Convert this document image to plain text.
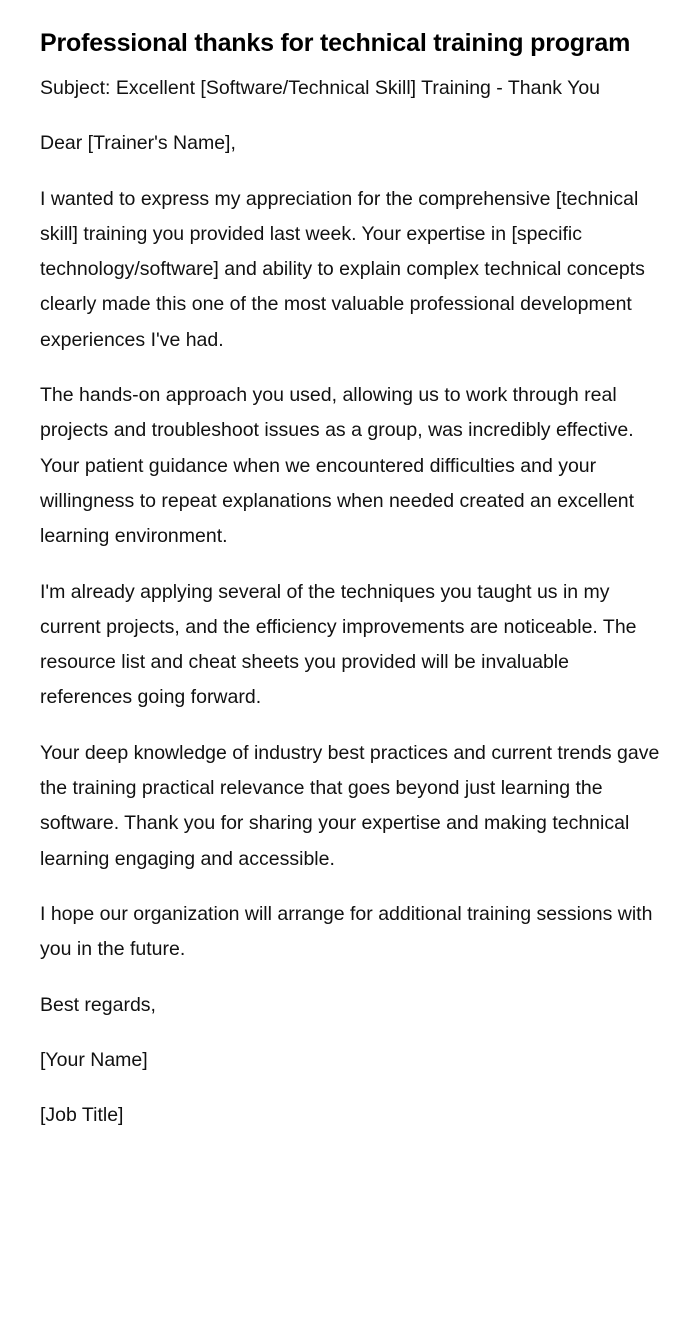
Professional thanks for technical training program

Subject: Excellent [Software/Technical Skill] Training - Thank You

Dear [Trainer's Name],

I wanted to express my appreciation for the comprehensive [technical skill] training you provided last week. Your expertise in [specific technology/software] and ability to explain complex technical concepts clearly made this one of the most valuable professional development experiences I've had.

The hands-on approach you used, allowing us to work through real projects and troubleshoot issues as a group, was incredibly effective. Your patient guidance when we encountered difficulties and your willingness to repeat explanations when needed created an excellent learning environment.

I'm already applying several of the techniques you taught us in my current projects, and the efficiency improvements are noticeable. The resource list and cheat sheets you provided will be invaluable references going forward.

Your deep knowledge of industry best practices and current trends gave the training practical relevance that goes beyond just learning the software. Thank you for sharing your expertise and making technical learning engaging and accessible.

I hope our organization will arrange for additional training sessions with you in the future.

Best regards,

[Your Name]

[Job Title]
